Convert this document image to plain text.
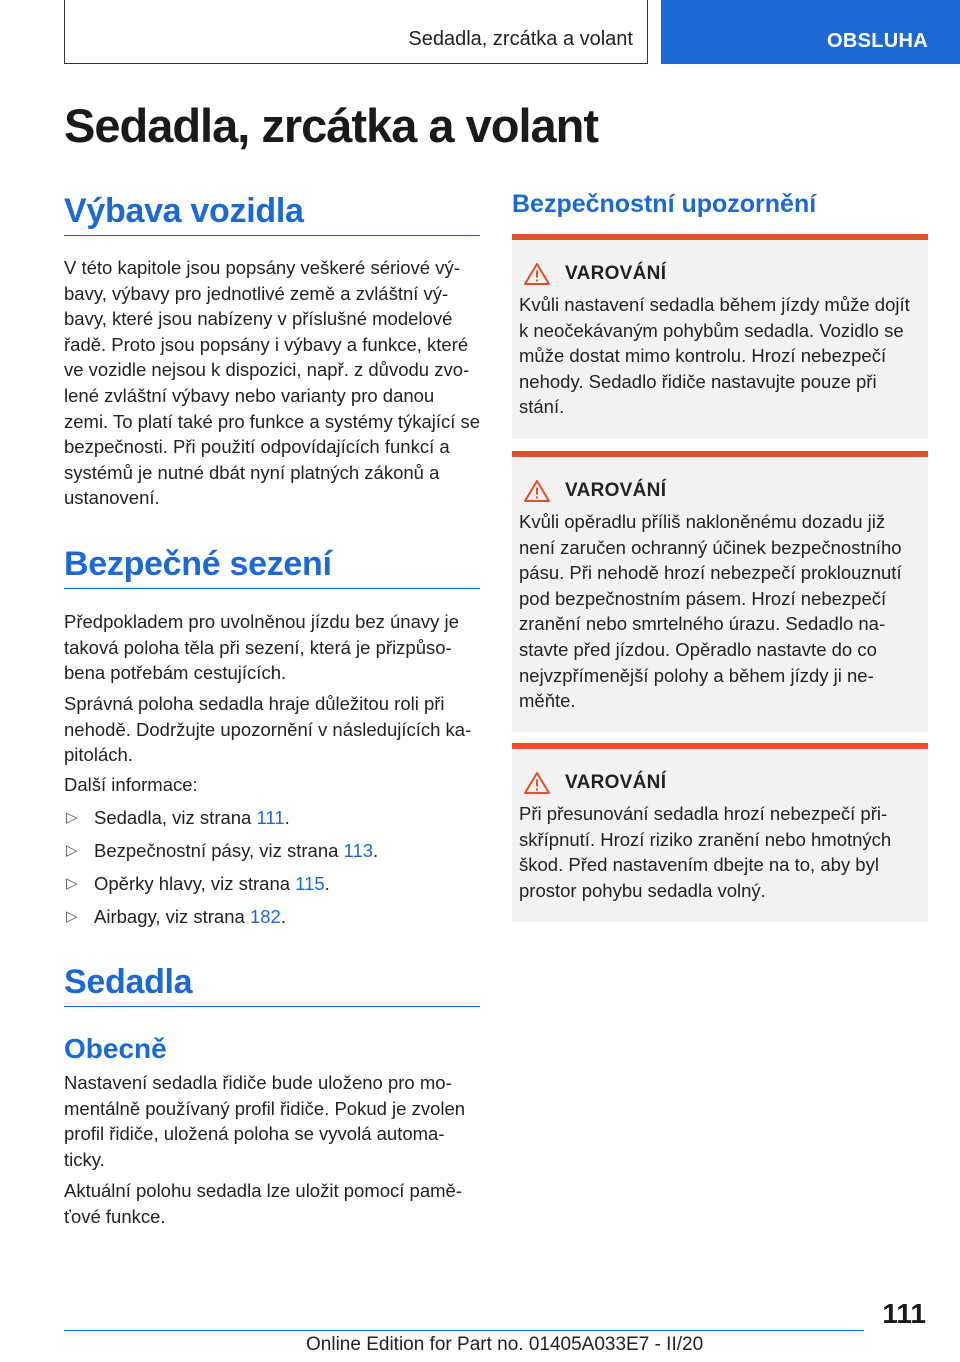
Sedadla, zrcátka a volant	OBSLUHA
Sedadla, zrcátka a volant
Výbava vozidla

V této kapitole jsou popsány veškeré sériové vý-bavy, výbavy pro jednotlivé země a zvláštní vý-bavy, které jsou nabízeny v příslušné modelové řadě. Proto jsou popsány i výbavy a funkce, které ve vozidle nejsou k dispozici, např. z důvodu zvo-lené zvláštní výbavy nebo varianty pro danou zemi. To platí také pro funkce a systémy týkající se bezpečnosti. Při použití odpovídajících funkcí a systémů je nutné dbát nyní platných zákonů a ustanovení.

Bezpečné sezení

Předpokladem pro uvolněnou jízdu bez únavy je taková poloha těla při sezení, která je přizpůso-bena potřebám cestujících.

Správná poloha sedadla hraje důležitou roli při nehodě. Dodržujte upozornění v následujících ka-pitolách.

Další informace:

▷ Sedadla, viz strana 111.
▷ Bezpečnostní pásy, viz strana 113.
▷ Opěrky hlavy, viz strana 115.
▷ Airbagy, viz strana 182.
Sedadla
Obecně

Nastavení sedadla řidiče bude uloženo pro mo-mentálně používaný profil řidiče. Pokud je zvolen profil řidiče, uložená poloha se vyvolá automa-ticky.

Aktuální polohu sedadla lze uložit pomocí pamě-ťové funkce.

Bezpečnostní upozornění
VAROVÁNÍ

Kvůli nastavení sedadla během jízdy může dojít k neočekávaným pohybům sedadla. Vozidlo se může dostat mimo kontrolu. Hrozí nebezpečí nehody. Sedadlo řidiče nastavujte pouze při stání.

VAROVÁNÍ

Kvůli opěradlu příliš nakloněnému dozadu již není zaručen ochranný účinek bezpečnostního pásu. Při nehodě hrozí nebezpečí proklouznutí pod bezpečnostním pásem. Hrozí nebezpečí zranění nebo smrtelného úrazu. Sedadlo na-stavte před jízdou. Opěradlo nastavte do co nejvzpřímenější polohy a během jízdy ji ne-měňte.

VAROVÁNÍ

Při přesunování sedadla hrozí nebezpečí při-skřípnutí. Hrozí riziko zranění nebo hmotných škod. Před nastavením dbejte na to, aby byl prostor pohybu sedadla volný.

111
Online Edition for Part no. 01405A033E7 - II/20
